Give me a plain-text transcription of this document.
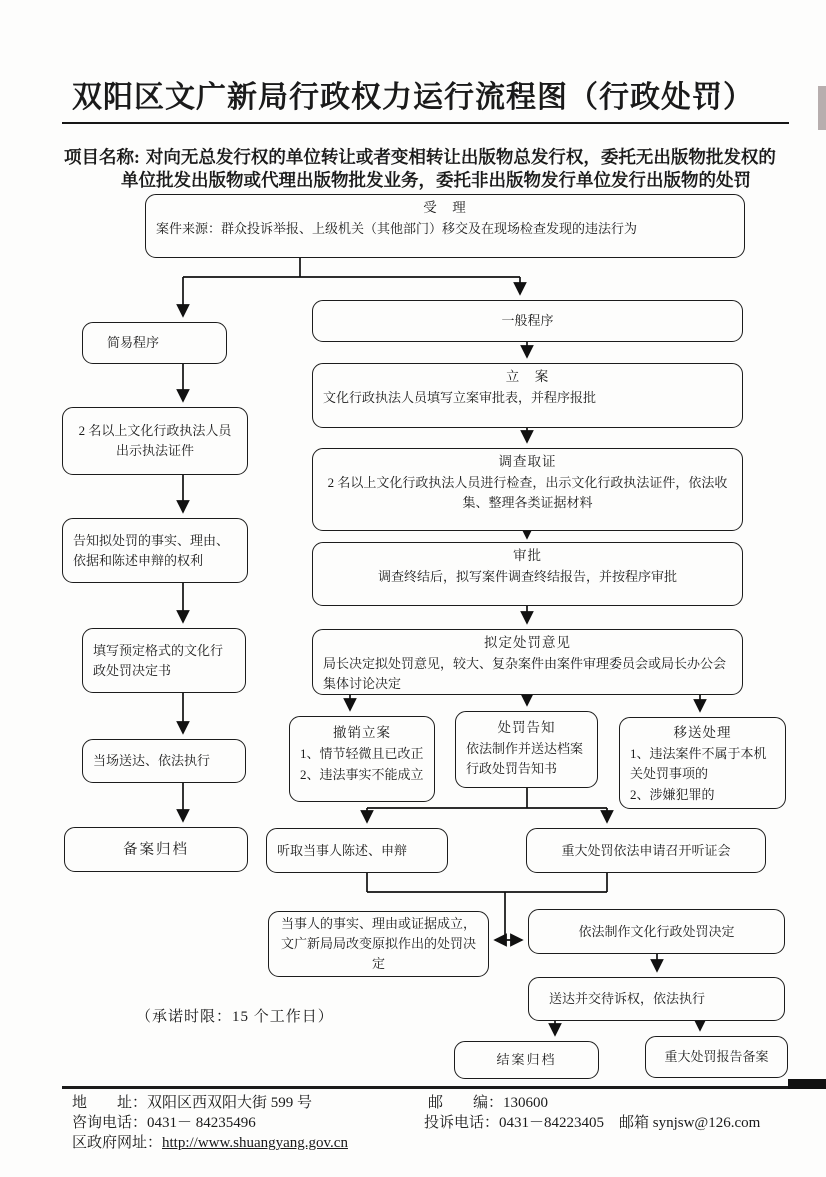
双阳区文广新局行政权力运行流程图（行政处罚）

项目名称: 对向无总发行权的单位转让或者变相转让出版物总发行权，委托无出版物批发权的单位批发出版物或代理出版物批发业务，委托非出版物发行单位发行出版物的处罚

受　理
案件来源：群众投诉举报、上级机关（其他部门）移交及在现场检查发现的违法行为
简易程序
一般程序
2 名以上文化行政执法人员出示执法证件
告知拟处罚的事实、理由、依据和陈述申辩的权利
填写预定格式的文化行政处罚决定书
当场送达、依法执行
备案归档
立　案
文化行政执法人员填写立案审批表，并程序报批
调查取证
2 名以上文化行政执法人员进行检查，出示文化行政执法证件，依法收集、整理各类证据材料
审批
调查终结后，拟写案件调查终结报告，并按程序审批
拟定处罚意见
局长决定拟处罚意见，较大、复杂案件由案件审理委员会或局长办公会集体讨论决定
撤销立案
1、情节轻微且已改正
2、违法事实不能成立
处罚告知
依法制作并送达档案行政处罚告知书
移送处理
1、违法案件不属于本机关处罚事项的
2、涉嫌犯罪的
听取当事人陈述、申辩	重大处罚依法申请召开听证会
当事人的事实、理由或证据成立，文广新局局改变原拟作出的处罚决定
依法制作文化行政处罚决定
送达并交待诉权，依法执行
结案归档	重大处罚报告备案
（承诺时限：15 个工作日）
地　　址：双阳区西双阳大街 599 号	邮　　编：130600
咨询电话：0431－ 84235496	投诉电话：0431－84223405　邮箱 synjsw@126.com
区政府网址：http://www.shuangyang.gov.cn
